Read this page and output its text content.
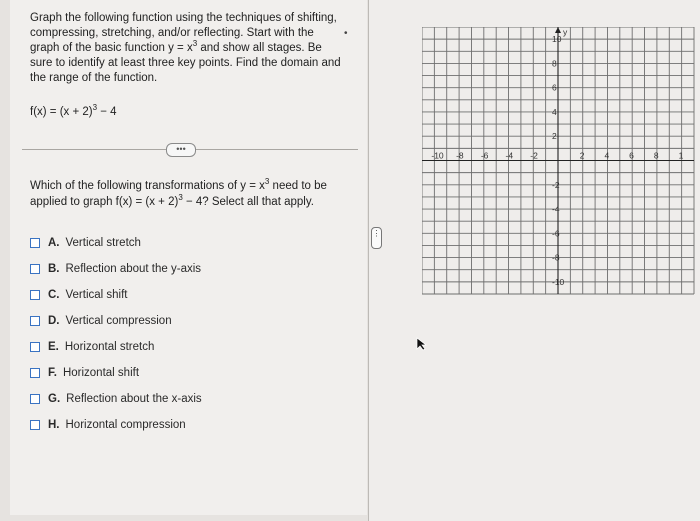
Graph the following function using the techniques of shifting, compressing, stretching, and/or reflecting. Start with the graph of the basic function $y = x^3$ and show all stages. Be sure to identify at least three key points. Find the domain and the range of the function.
•
$f(x) = (x + 2)^3 - 4$
•••
Which of the following transformations of $y = x^3$ need to be applied to graph $f(x) = (x + 2)^3 - 4$? Select all that apply.
A. Vertical stretch
B. Reflection about the y-axis
C. Vertical shift
D. Vertical compression
E. Horizontal stretch
F. Horizontal shift
G. Reflection about the x-axis
H. Horizontal compression
⋮
y
-10 -8 -6 -4 -2	2 4 6 8 1
10
8
6
4
2
-2
-4
-6
-8
-10
